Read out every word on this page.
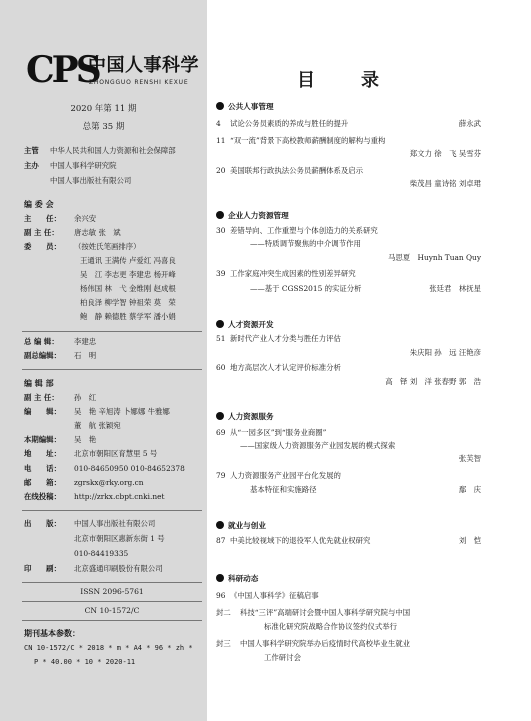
CPS
中国人事科学
ZHONGGUO RENSHI KEXUE
2020 年第 11 期
总第 35 期
主管 中华人民共和国人力资源和社会保障部
主办 中国人事科学研究院
中国人事出版社有限公司
编 委 会
主　　任： 余兴安
副 主 任： 唐志敏 张　斌
委　　员： （按姓氏笔画排序）
王通讯 王满传 卢爱红 冯喜良
吴　江 李志更 李建忠 杨开峰
杨伟国 林　弋 金维刚 赵成根
柏良泽 柳学智 钟祖荣 莫　荣
鲍　静 赖德胜 蔡学军 潘小娟
总 编 辑： 李建忠
副总编辑： 石　明
编 辑 部
副 主 任： 孙　红
编　　辑： 吴　艳 辛旭涛 卜娜娜 牛雅娜
董　航 张颖宛
本期编辑： 吴　艳
地　　址： 北京市朝阳区育慧里 5 号
电　　话： 010-84650950 010-84652378
邮　　箱： zgrskx@rky.org.cn
在线投稿： http://zrkx.cbpt.cnki.net
出　　版： 中国人事出版社有限公司
北京市朝阳区惠新东街 1 号
010-84419335
印　　刷： 北京盛通印刷股份有限公司
ISSN 2096-5761
CN 10-1572/C
期刊基本参数：
CN 10-1572/C * 2018 * m * A4 * 96 * zh *
P * 40.00 * 10 * 2020-11
目	录
公共人事管理
4 试论公务员素质的养成与胜任的提升	薛永武
11 “双一流”背景下高校教师薪酬制度的解构与重构
郑文力 徐　飞 吴雪芬
20 美国联邦行政执法公务员薪酬体系及启示
柴茂昌 童诗铭 刘卓珺
企业人力资源管理
30 差错导向、工作重塑与个体创造力的关系研究
——特质调节聚焦的中介调节作用
马思夏　Huynh Tuan Quy
39 工作家庭冲突生成因素的性别差异研究
——基于 CGSS2015 的实证分析	张廷君　林抚星
人才资源开发
51 新时代产业人才分类与胜任力评估
朱庆阳 孙　远 汪艳彦
60 地方高层次人才认定评价标准分析
高　铎 刘　洋 张春野 郭　浩
人力资源服务
69 从“一园多区”到“服务业商圈”
——国家级人力资源服务产业园发展的模式探索
张芙智
79 人力资源服务产业园平台化发展的
基本特征和实施路径	鄢　庆
就业与创业
87 中美比较视域下的退役军人优先就业权研究	刘　恺
科研动态
96 《中国人事科学》征稿启事
封二 科技“三评”高端研讨会暨中国人事科学研究院与中国
标准化研究院战略合作协议签约仪式举行
封三 中国人事科学研究院举办后疫情时代高校毕业生就业
工作研讨会
